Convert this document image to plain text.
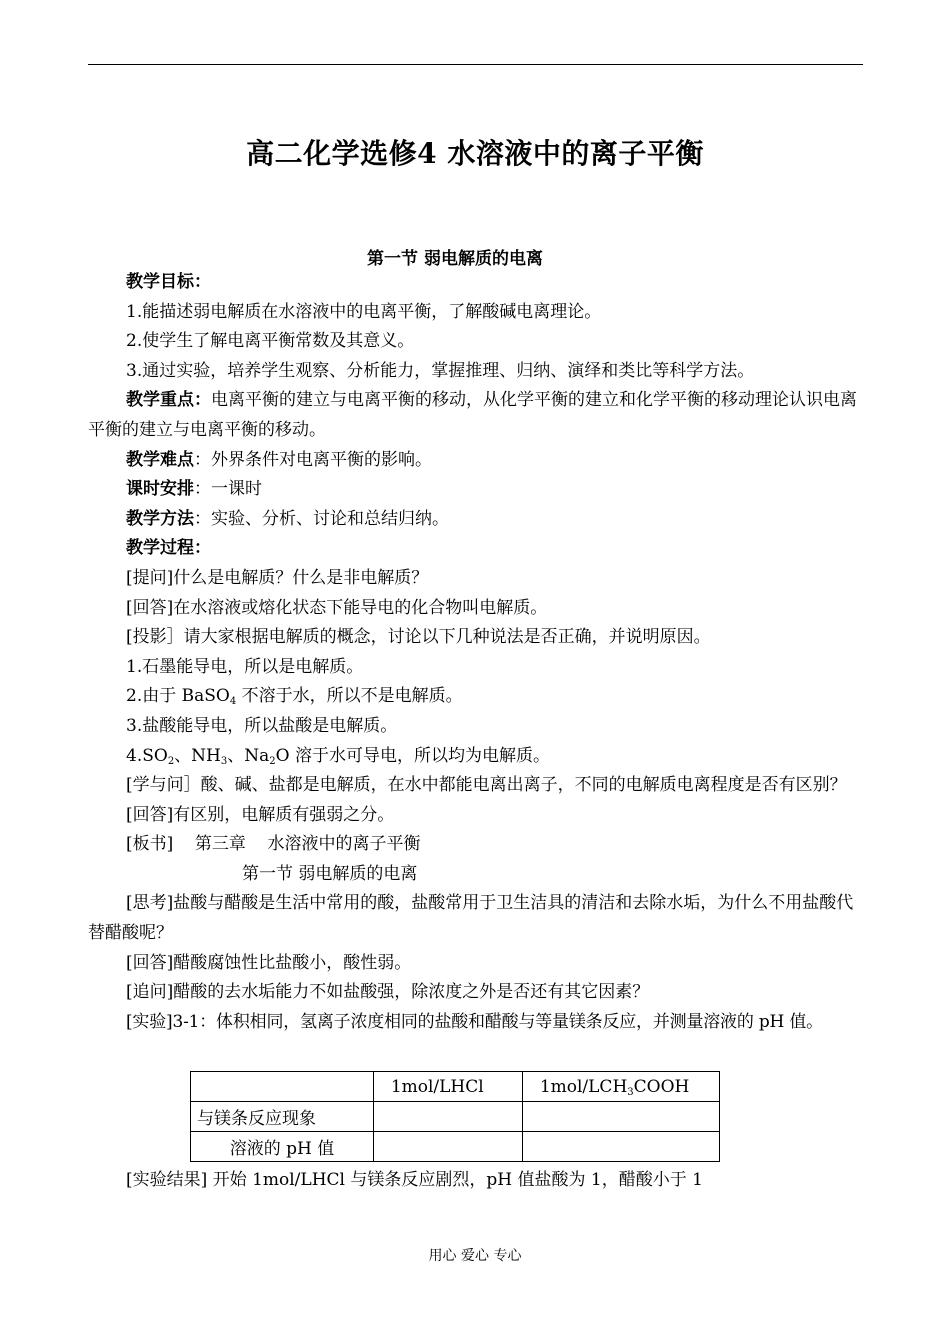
高二化学选修4 水溶液中的离子平衡
第一节 弱电解质的电离

教学目标：

1.能描述弱电解质在水溶液中的电离平衡，了解酸碱电离理论。

2.使学生了解电离平衡常数及其意义。

3.通过实验，培养学生观察、分析能力，掌握推理、归纳、演绎和类比等科学方法。

教学重点：电离平衡的建立与电离平衡的移动，从化学平衡的建立和化学平衡的移动理论认识电离平衡的建立与电离平衡的移动。

教学难点：外界条件对电离平衡的影响。

课时安排：一课时

教学方法：实验、分析、讨论和总结归纳。

教学过程：

[提问]什么是电解质？什么是非电解质？

[回答]在水溶液或熔化状态下能导电的化合物叫电解质。

[投影］请大家根据电解质的概念，讨论以下几种说法是否正确，并说明原因。

1.石墨能导电，所以是电解质。

2.由于 BaSO$_4$ 不溶于水，所以不是电解质。

3.盐酸能导电，所以盐酸是电解质。

$4.SO_2$、$NH_3$、$Na_2O$ 溶于水可导电，所以均为电解质。

[学与问］酸、碱、盐都是电解质，在水中都能电离出离子，不同的电解质电离程度是否有区别？

[回答]有区别，电解质有强弱之分。

[板书]    第三章    水溶液中的离子平衡

第一节 弱电解质的电离

[思考]盐酸与醋酸是生活中常用的酸，盐酸常用于卫生洁具的清洁和去除水垢，为什么不用盐酸代替醋酸呢？

[回答]醋酸腐蚀性比盐酸小，酸性弱。

[追问]醋酸的去水垢能力不如盐酸强，除浓度之外是否还有其它因素？

[实验]3-1：体积相同，氢离子浓度相同的盐酸和醋酸与等量镁条反应，并测量溶液的 pH 值。

	1mol/LHCl	$1mol/LCH_3COOH$
与镁条反应现象		
溶液的 pH 值		
[实验结果] 开始 1mol/LHCl 与镁条反应剧烈，pH 值盐酸为 1，醋酸小于 1
用心 爱心 专心
